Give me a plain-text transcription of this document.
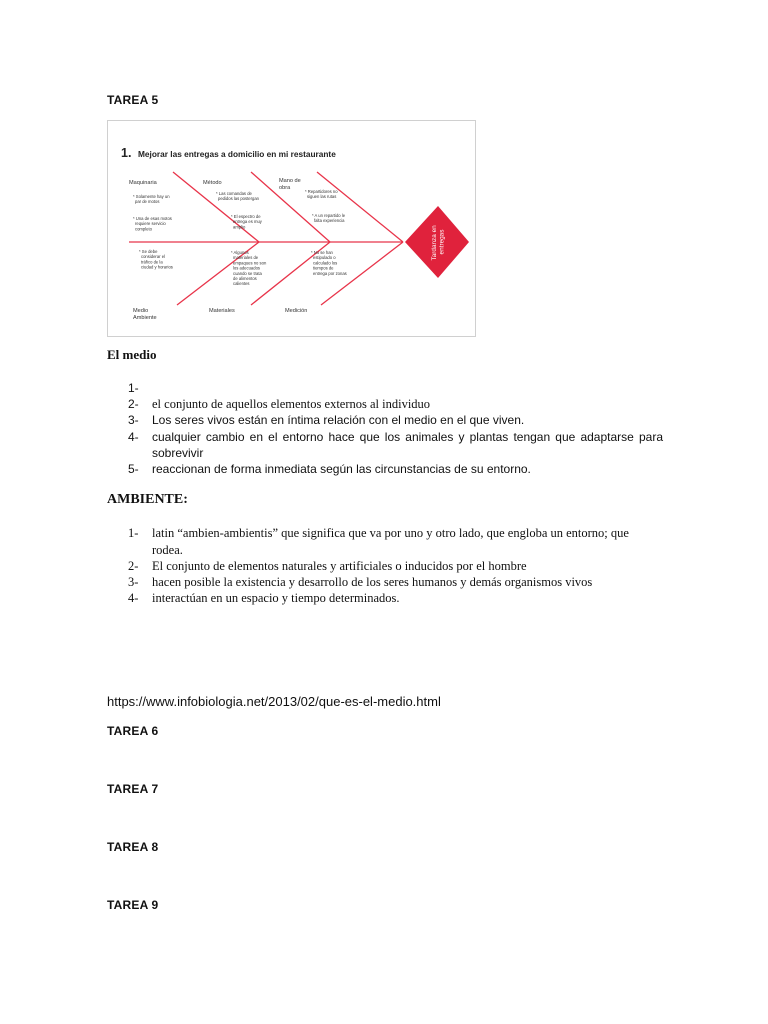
TAREA 5
1. Mejorar las entregas a domicilio en mi restaurante
Tardanza en entregas
Maquinaria	Método	Mano de obra
Medio Ambiente
Materiales	Medición
* Solamente hay un par de motos
* Una de esas motos requiere servicio completo
* Las comandas de pedidos las postergan
* El espectro de entrega es muy amplio
* Repartidores no siguen las rutas
* A un repartido le falta experiencia
* Se debe considerar el tráfico de la ciudad y horarios
* Algunos materiales de empaques no son los adecuados cuando se trata de alimentos calientes
* No se han estipulado o calculado los tiempos de entrega por zonas
El medio
1-
2- el conjunto de aquellos elementos externos al individuo
3- Los seres vivos están en íntima relación con el medio en el que viven.
4- cualquier cambio en el entorno hace que los animales y plantas tengan que adaptarse para sobrevivir
5- reaccionan de forma inmediata según las circunstancias de su entorno.
AMBIENTE:
1- latin “ambien-ambientis” que significa que va por uno y otro lado, que engloba un entorno; que rodea.
2- El conjunto de elementos naturales y artificiales o inducidos por el hombre
3- hacen posible la existencia y desarrollo de los seres humanos y demás organismos vivos
4- interactúan en un espacio y tiempo determinados.
https://www.infobiologia.net/2013/02/que-es-el-medio.html
TAREA 6
TAREA 7
TAREA 8
TAREA 9
